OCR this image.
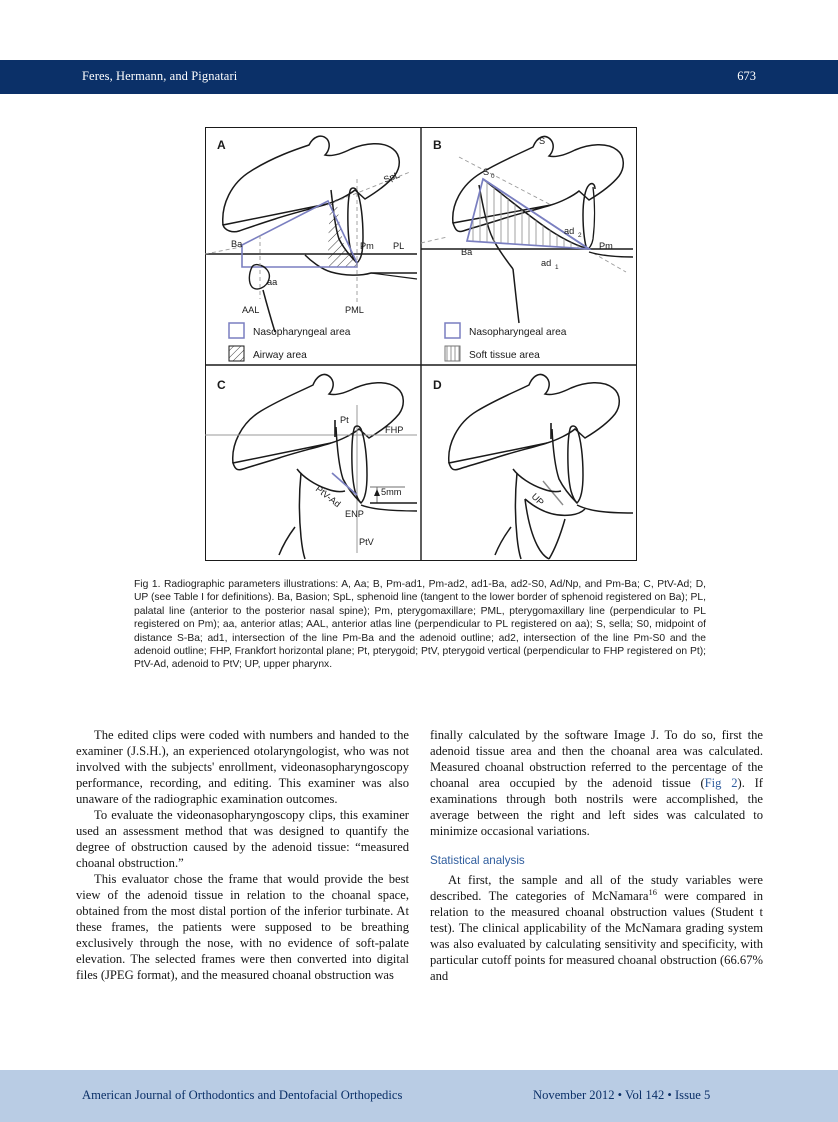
Feres, Hermann, and Pignatari	673
A
SpL
PL
Ba
aa
AAL	PML
Pm
Nasopharyngeal area
Airway area
B	S
S 0
Ba
ad 1
ad 2
Pm
Nasopharyngeal area
Soft tissue area
C
FHP
PtV
Pt
PtV-Ad	5mm
ENP
D
UP
Fig 1. Radiographic parameters illustrations: A, Aa; B, Pm-ad1, Pm-ad2, ad1-Ba, ad2-S0, Ad/Np, and Pm-Ba; C, PtV-Ad; D, UP (see Table I for definitions). Ba, Basion; SpL, sphenoid line (tangent to the lower border of sphenoid registered on Ba); PL, palatal line (anterior to the posterior nasal spine); Pm, pterygomaxillare; PML, pterygomaxillary line (perpendicular to PL registered on Pm); aa, anterior atlas; AAL, anterior atlas line (perpendicular to PL registered on aa); S, sella; S0, midpoint of distance S-Ba; ad1, intersection of the line Pm-Ba and the adenoid outline; ad2, intersection of the line Pm-S0 and the adenoid outline; FHP, Frankfort horizontal plane; Pt, pterygoid; PtV, pterygoid vertical (perpendicular to FHP registered on Pt); PtV-Ad, adenoid to PtV; UP, upper pharynx.

The edited clips were coded with numbers and handed to the examiner (J.S.H.), an experienced otolaryngologist, who was not involved with the subjects' enrollment, videonasopharyngoscopy performance, recording, and editing. This examiner was also unaware of the radiographic examination outcomes.

To evaluate the videonasopharyngoscopy clips, this examiner used an assessment method that was designed to quantify the degree of obstruction caused by the adenoid tissue: “measured choanal obstruction.”

This evaluator chose the frame that would provide the best view of the adenoid tissue in relation to the choanal space, obtained from the most distal portion of the inferior turbinate. At these frames, the patients were supposed to be breathing exclusively through the nose, with no evidence of soft-palate elevation. The selected frames were then converted into digital files (JPEG format), and the measured choanal obstruction was

finally calculated by the software Image J. To do so, first the adenoid tissue area and then the choanal area was calculated. Measured choanal obstruction referred to the percentage of the choanal area occupied by the adenoid tissue (Fig 2). If examinations through both nostrils were accomplished, the average between the right and left sides was calculated to minimize occasional variations.

Statistical analysis

At first, the sample and all of the study variables were described. The categories of McNamara$^{16}$ were compared in relation to the measured choanal obstruction values (Student t test). The clinical applicability of the McNamara grading system was also evaluated by calculating sensitivity and specificity, with particular cutoff points for measured choanal obstruction (66.67% and

American Journal of Orthodontics and Dentofacial Orthopedics	November 2012 • Vol 142 • Issue 5
